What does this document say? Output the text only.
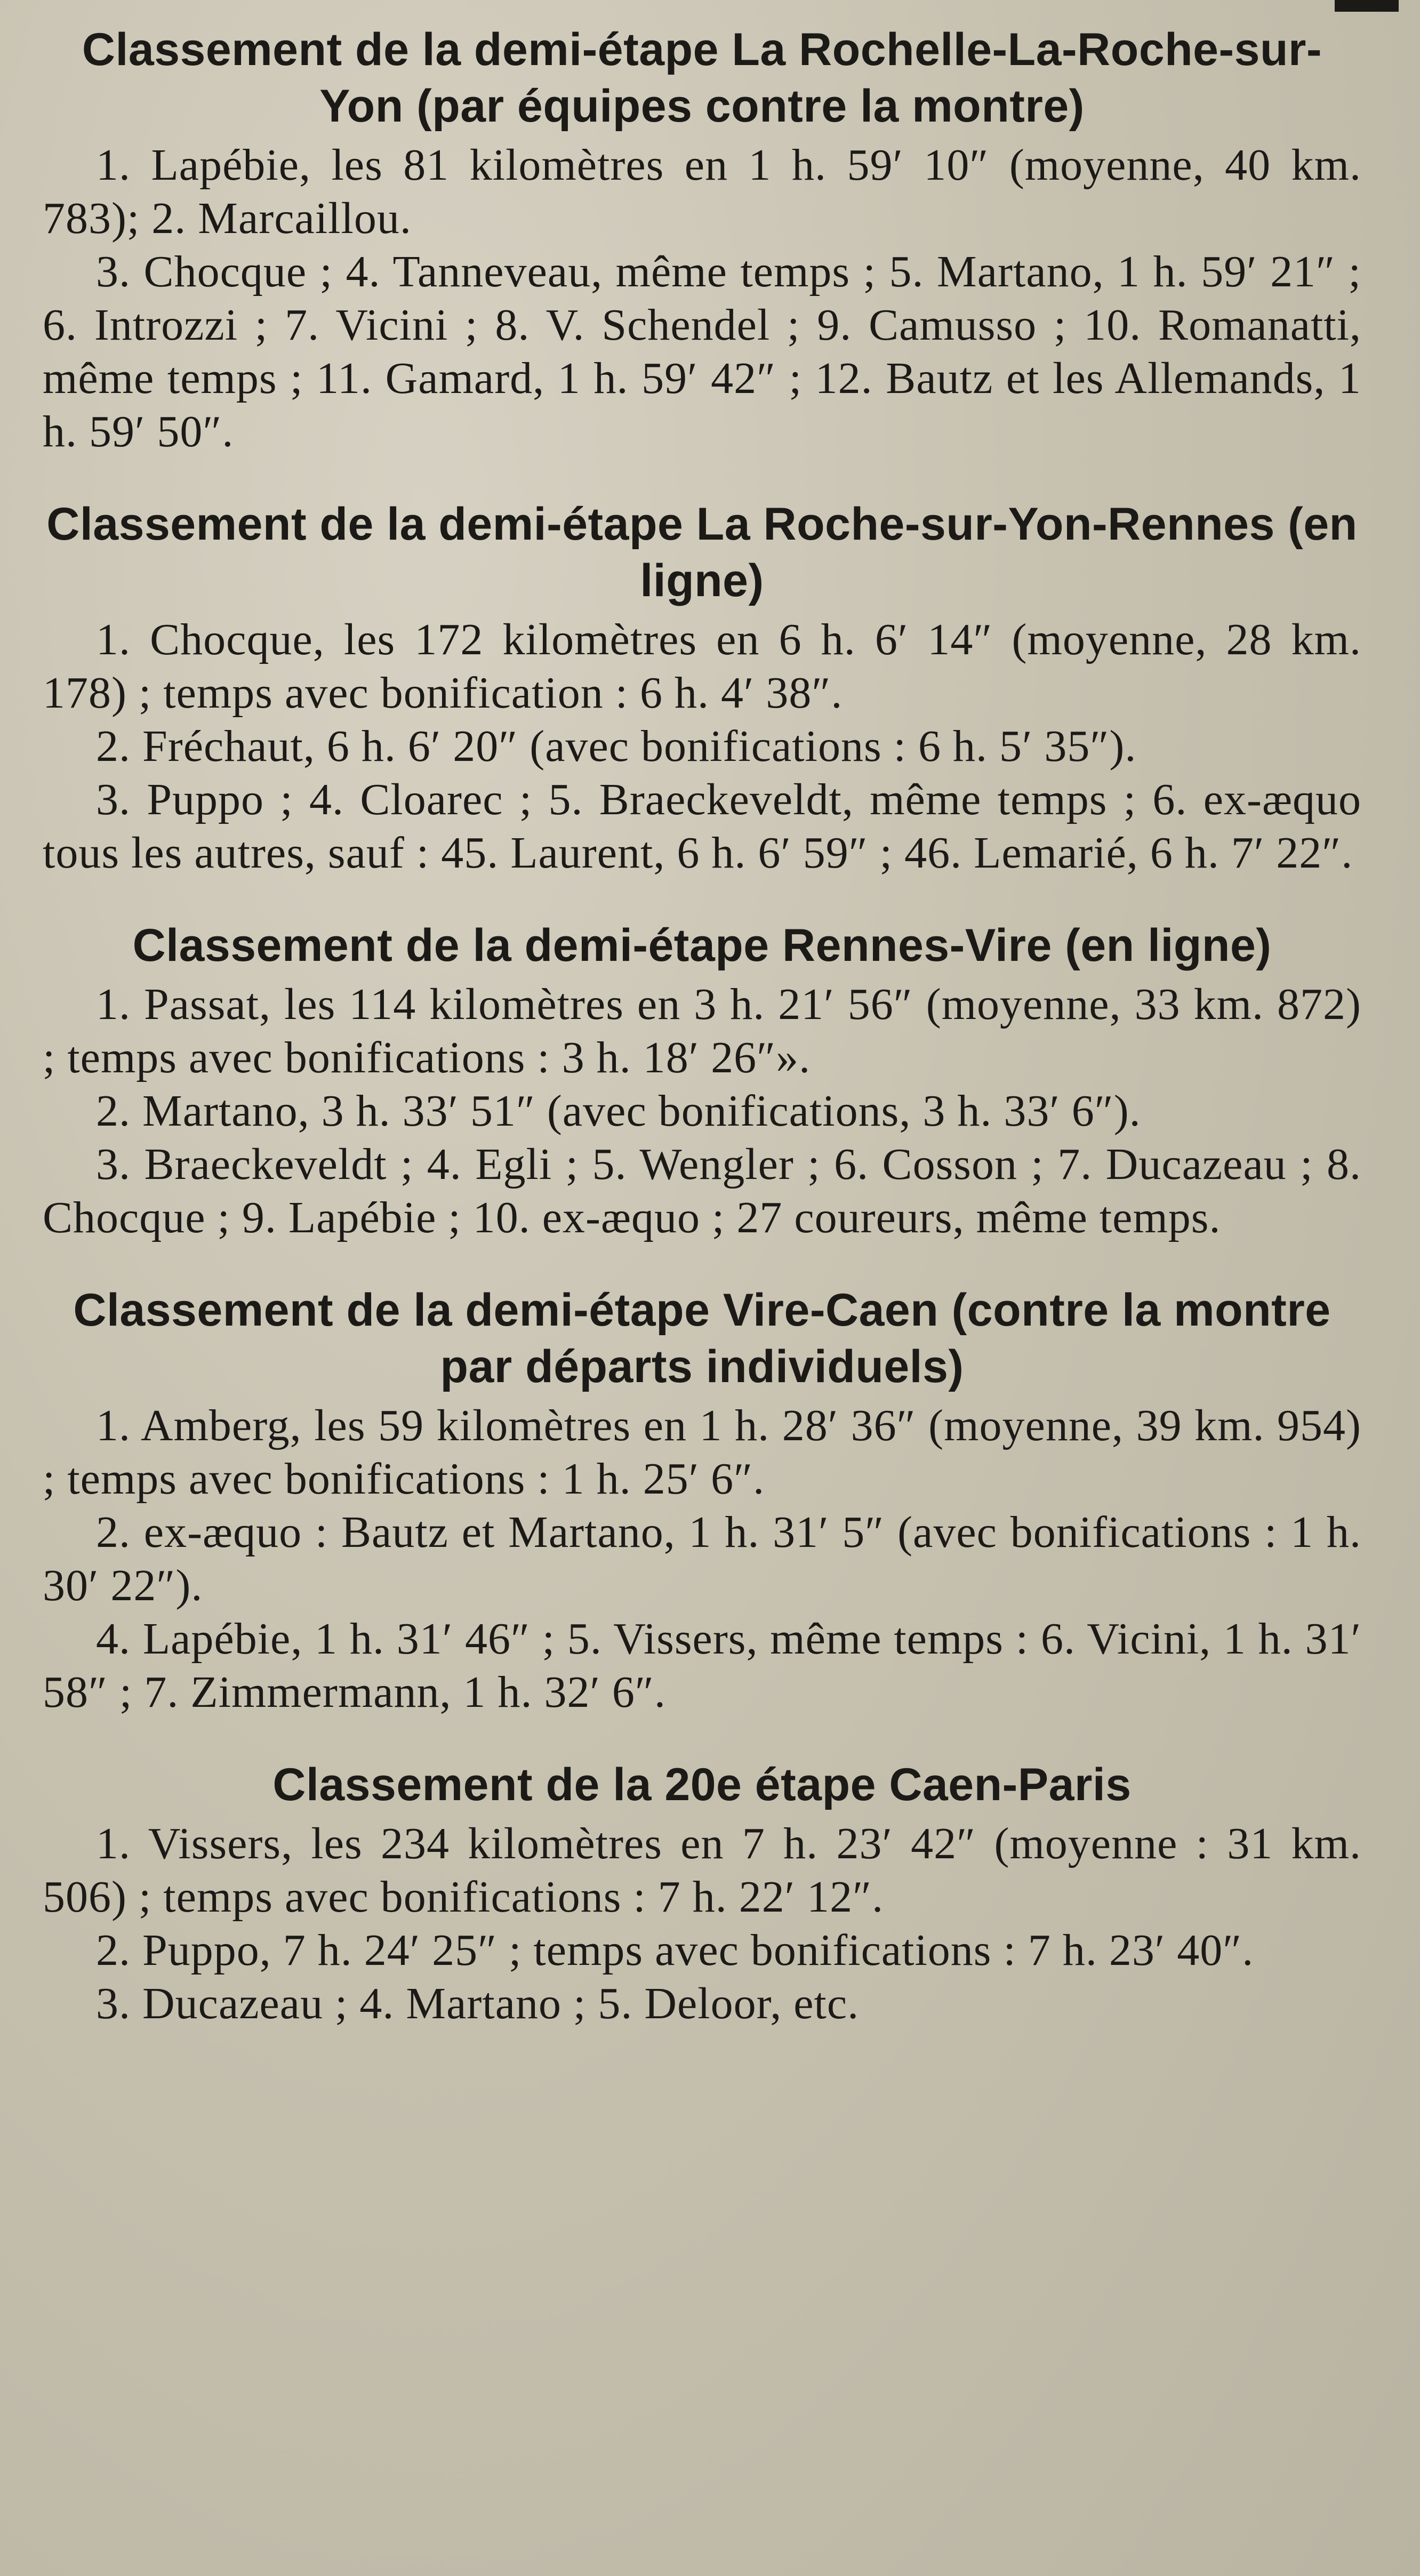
Classement de la demi-étape La Rochelle-La-Roche-sur-Yon (par équipes contre la montre)

1. Lapébie, les 81 kilomètres en 1 h. 59′ 10″ (moyenne, 40 km. 783); 2. Marcaillou.

3. Chocque ; 4. Tanneveau, même temps ; 5. Martano, 1 h. 59′ 21″ ; 6. Introzzi ; 7. Vicini ; 8. V. Schendel ; 9. Camusso ; 10. Romanatti, même temps ; 11. Gamard, 1 h. 59′ 42″ ; 12. Bautz et les Allemands, 1 h. 59′ 50″.

Classement de la demi-étape La Roche-sur-Yon-Rennes (en ligne)

1. Chocque, les 172 kilomètres en 6 h. 6′ 14″ (moyenne, 28 km. 178) ; temps avec bonification : 6 h. 4′ 38″.

2. Fréchaut, 6 h. 6′ 20″ (avec bonifications : 6 h. 5′ 35″).

3. Puppo ; 4. Cloarec ; 5. Braeckeveldt, même temps ; 6. ex-æquo tous les autres, sauf : 45. Laurent, 6 h. 6′ 59″ ; 46. Lemarié, 6 h. 7′ 22″.

Classement de la demi-étape Rennes-Vire (en ligne)

1. Passat, les 114 kilomètres en 3 h. 21′ 56″ (moyenne, 33 km. 872) ; temps avec bonifications : 3 h. 18′ 26″».

2. Martano, 3 h. 33′ 51″ (avec bonifications, 3 h. 33′ 6″).

3. Braeckeveldt ; 4. Egli ; 5. Wengler ; 6. Cosson ; 7. Ducazeau ; 8. Chocque ; 9. Lapébie ; 10. ex-æquo ; 27 coureurs, même temps.

Classement de la demi-étape Vire-Caen (contre la montre par départs individuels)

1. Amberg, les 59 kilomètres en 1 h. 28′ 36″ (moyenne, 39 km. 954) ; temps avec bonifications : 1 h. 25′ 6″.

2. ex-æquo : Bautz et Martano, 1 h. 31′ 5″ (avec bonifications : 1 h. 30′ 22″).

4. Lapébie, 1 h. 31′ 46″ ; 5. Vissers, même temps : 6. Vicini, 1 h. 31′ 58″ ; 7. Zimmermann, 1 h. 32′ 6″.

Classement de la 20e étape Caen-Paris

1. Vissers, les 234 kilomètres en 7 h. 23′ 42″ (moyenne : 31 km. 506) ; temps avec bonifications : 7 h. 22′ 12″.

2. Puppo, 7 h. 24′ 25″ ; temps avec bonifications : 7 h. 23′ 40″.

3. Ducazeau ; 4. Martano ; 5. Deloor, etc.
